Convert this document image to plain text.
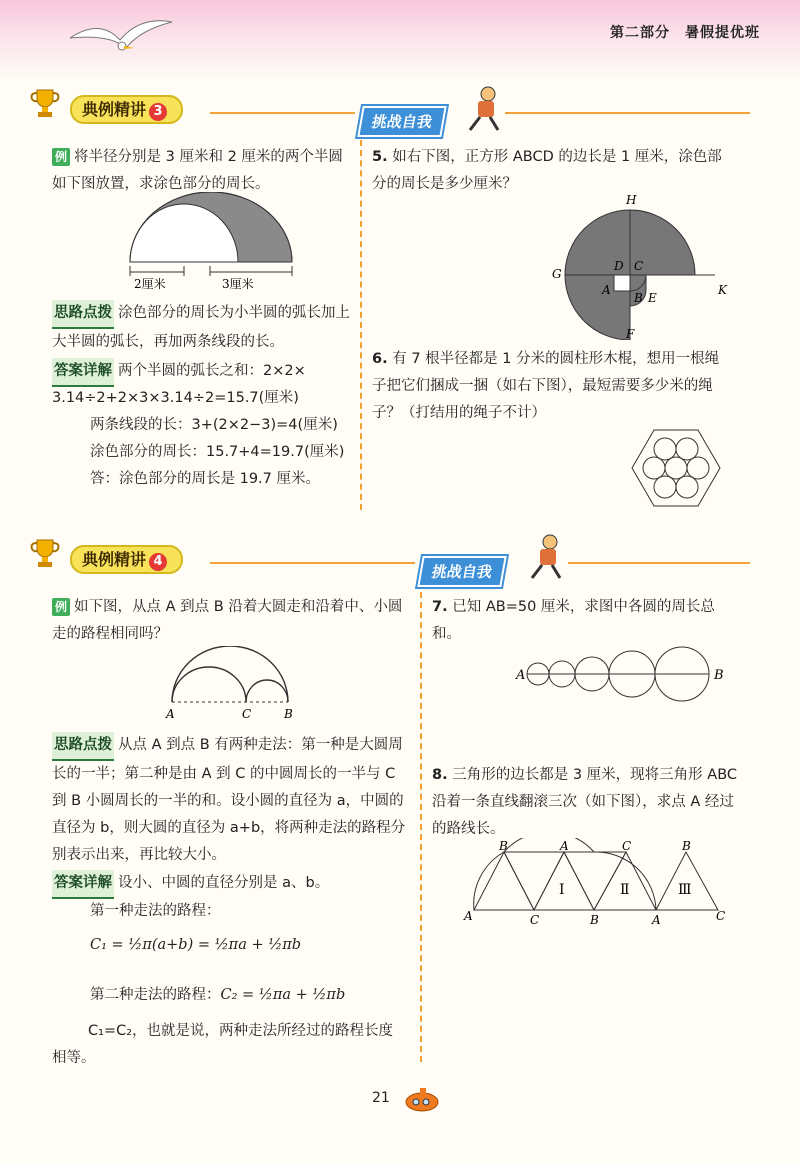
第二部分　暑假提优班
典例精讲 3
挑战自我
例 将半径分别是 3 厘米和 2 厘米的两个半圆如下图放置，求涂色部分的周长。
2厘米	3厘米
思路点拨 涂色部分的周长为小半圆的弧长加上大半圆的弧长，再加两条线段的长。
答案详解 两个半圆的弧长之和：2×2×
3.14÷2+2×3×3.14÷2=15.7(厘米)
两条线段的长：3+(2×2−3)=4(厘米)
涂色部分的周长：15.7+4=19.7(厘米)
答：涂色部分的周长是 19.7 厘米。
5. 如右下图，正方形 ABCD 的边长是 1 厘米，涂色部分的周长是多少厘米？
H
G
D C
A
B E
K
F
6. 有 7 根半径都是 1 分米的圆柱形木棍，想用一根绳子把它们捆成一捆（如右下图），最短需要多少米的绳子？（打结用的绳子不计）
典例精讲 4
挑战自我
例 如下图，从点 A 到点 B 沿着大圆走和沿着中、小圆走的路程相同吗？
A	C	B
思路点拨 从点 A 到点 B 有两种走法：第一种是大圆周长的一半；第二种是由 A 到 C 的中圆周长的一半与 C 到 B 小圆周长的一半的和。设小圆的直径为 a，中圆的直径为 b，则大圆的直径为 a+b，将两种走法的路程分别表示出来，再比较大小。
答案详解 设小、中圆的直径分别是 a、b。
第一种走法的路程：
C₁ = ½π(a+b) = ½πa + ½πb
第二种走法的路程：C₂ = ½πa + ½πb
C₁=C₂，也就是说，两种走法所经过的路程长度相等。
7. 已知 AB=50 厘米，求图中各圆的周长总和。
A	B
8. 三角形的边长都是 3 厘米，现将三角形 ABC 沿着一条直线翻滚三次（如下图），求点 A 经过的路线长。
B	A	C	B
A	C	B	A	C
Ⅰ	Ⅱ	Ⅲ
21
